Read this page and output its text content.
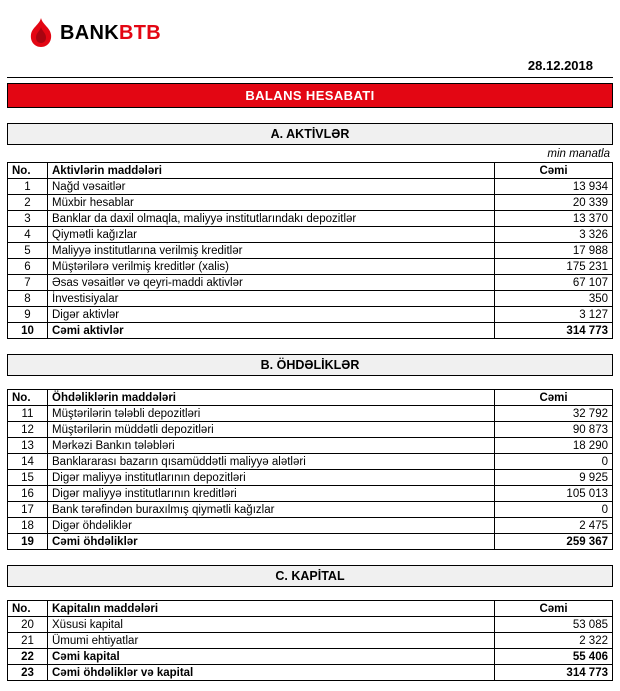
BANKBTB
28.12.2018
BALANS HESABATI
A. AKTİVLƏR
min manatla
No.	Aktivlərin maddələri	Cəmi
1	Nağd vəsaitlər	13 934
2	Müxbir hesablar	20 339
3	Banklar da daxil olmaqla, maliyyə institutlarındakı depozitlər	13 370
4	Qiymətli kağızlar	3 326
5	Maliyyə institutlarına verilmiş kreditlər	17 988
6	Müştərilərə verilmiş kreditlər (xalis)	175 231
7	Əsas vəsaitlər və qeyri-maddi aktivlər	67 107
8	İnvestisiyalar	350
9	Digər aktivlər	3 127
10	Cəmi aktivlər	314 773
B. ÖHDƏLİKLƏR
No.	Öhdəliklərin maddələri	Cəmi
11	Müştərilərin tələbli depozitləri	32 792
12	Müştərilərin müddətli depozitləri	90 873
13	Mərkəzi Bankın tələbləri	18 290
14	Banklararası bazarın qısamüddətli maliyyə alətləri	0
15	Digər maliyyə institutlarının depozitləri	9 925
16	Digər maliyyə institutlarının kreditləri	105 013
17	Bank tərəfindən buraxılmış qiymətli kağızlar	0
18	Digər öhdəliklər	2 475
19	Cəmi öhdəliklər	259 367
C. KAPİTAL
No.	Kapitalın maddələri	Cəmi
20	Xüsusi kapital	53 085
21	Ümumi ehtiyatlar	2 322
22	Cəmi kapital	55 406
23	Cəmi öhdəliklər və kapital	314 773
